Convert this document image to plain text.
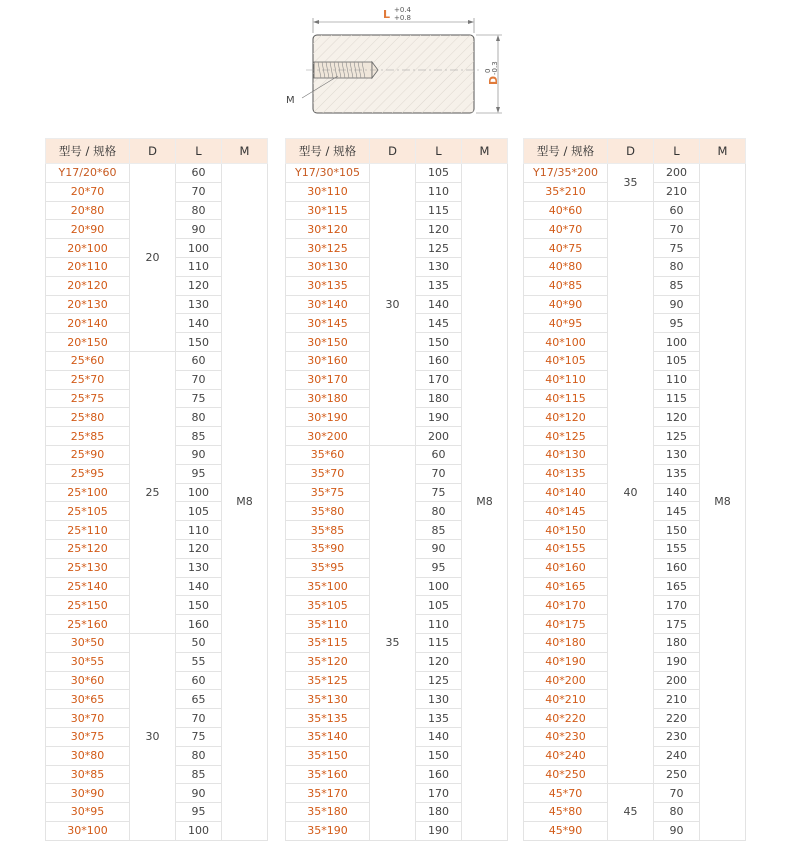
L +0.4
+0.8
D
0 -0.3
M
型号 / 规格	D	L	M
Y17/20*60	20	60	M8
20*70		70	
20*80		80	
20*90		90	
20*100		100	
20*110		110	
20*120		120	
20*130		130	
20*140		140	
20*150		150	
25*60	25	60	
25*70		70	
25*75		75	
25*80		80	
25*85		85	
25*90		90	
25*95		95	
25*100		100	
25*105		105	
25*110		110	
25*120		120	
25*130		130	
25*140		140	
25*150		150	
25*160		160	
30*50	30	50	
30*55		55	
30*60		60	
30*65		65	
30*70		70	
30*75		75	
30*80		80	
30*85		85	
30*90		90	
30*95		95	
30*100		100	
型号 / 规格	D	L	M
Y17/30*105	30	105	M8
30*110		110	
30*115		115	
30*120		120	
30*125		125	
30*130		130	
30*135		135	
30*140		140	
30*145		145	
30*150		150	
30*160		160	
30*170		170	
30*180		180	
30*190		190	
30*200		200	
35*60	35	60	
35*70		70	
35*75		75	
35*80		80	
35*85		85	
35*90		90	
35*95		95	
35*100		100	
35*105		105	
35*110		110	
35*115		115	
35*120		120	
35*125		125	
35*130		130	
35*135		135	
35*140		140	
35*150		150	
35*160		160	
35*170		170	
35*180		180	
35*190		190	
型号 / 规格	D	L	M
Y17/35*200	35	200	M8
35*210		210	
40*60	40	60	
40*70		70	
40*75		75	
40*80		80	
40*85		85	
40*90		90	
40*95		95	
40*100		100	
40*105		105	
40*110		110	
40*115		115	
40*120		120	
40*125		125	
40*130		130	
40*135		135	
40*140		140	
40*145		145	
40*150		150	
40*155		155	
40*160		160	
40*165		165	
40*170		170	
40*175		175	
40*180		180	
40*190		190	
40*200		200	
40*210		210	
40*220		220	
40*230		230	
40*240		240	
40*250		250	
45*70	45	70	
45*80		80	
45*90		90	
